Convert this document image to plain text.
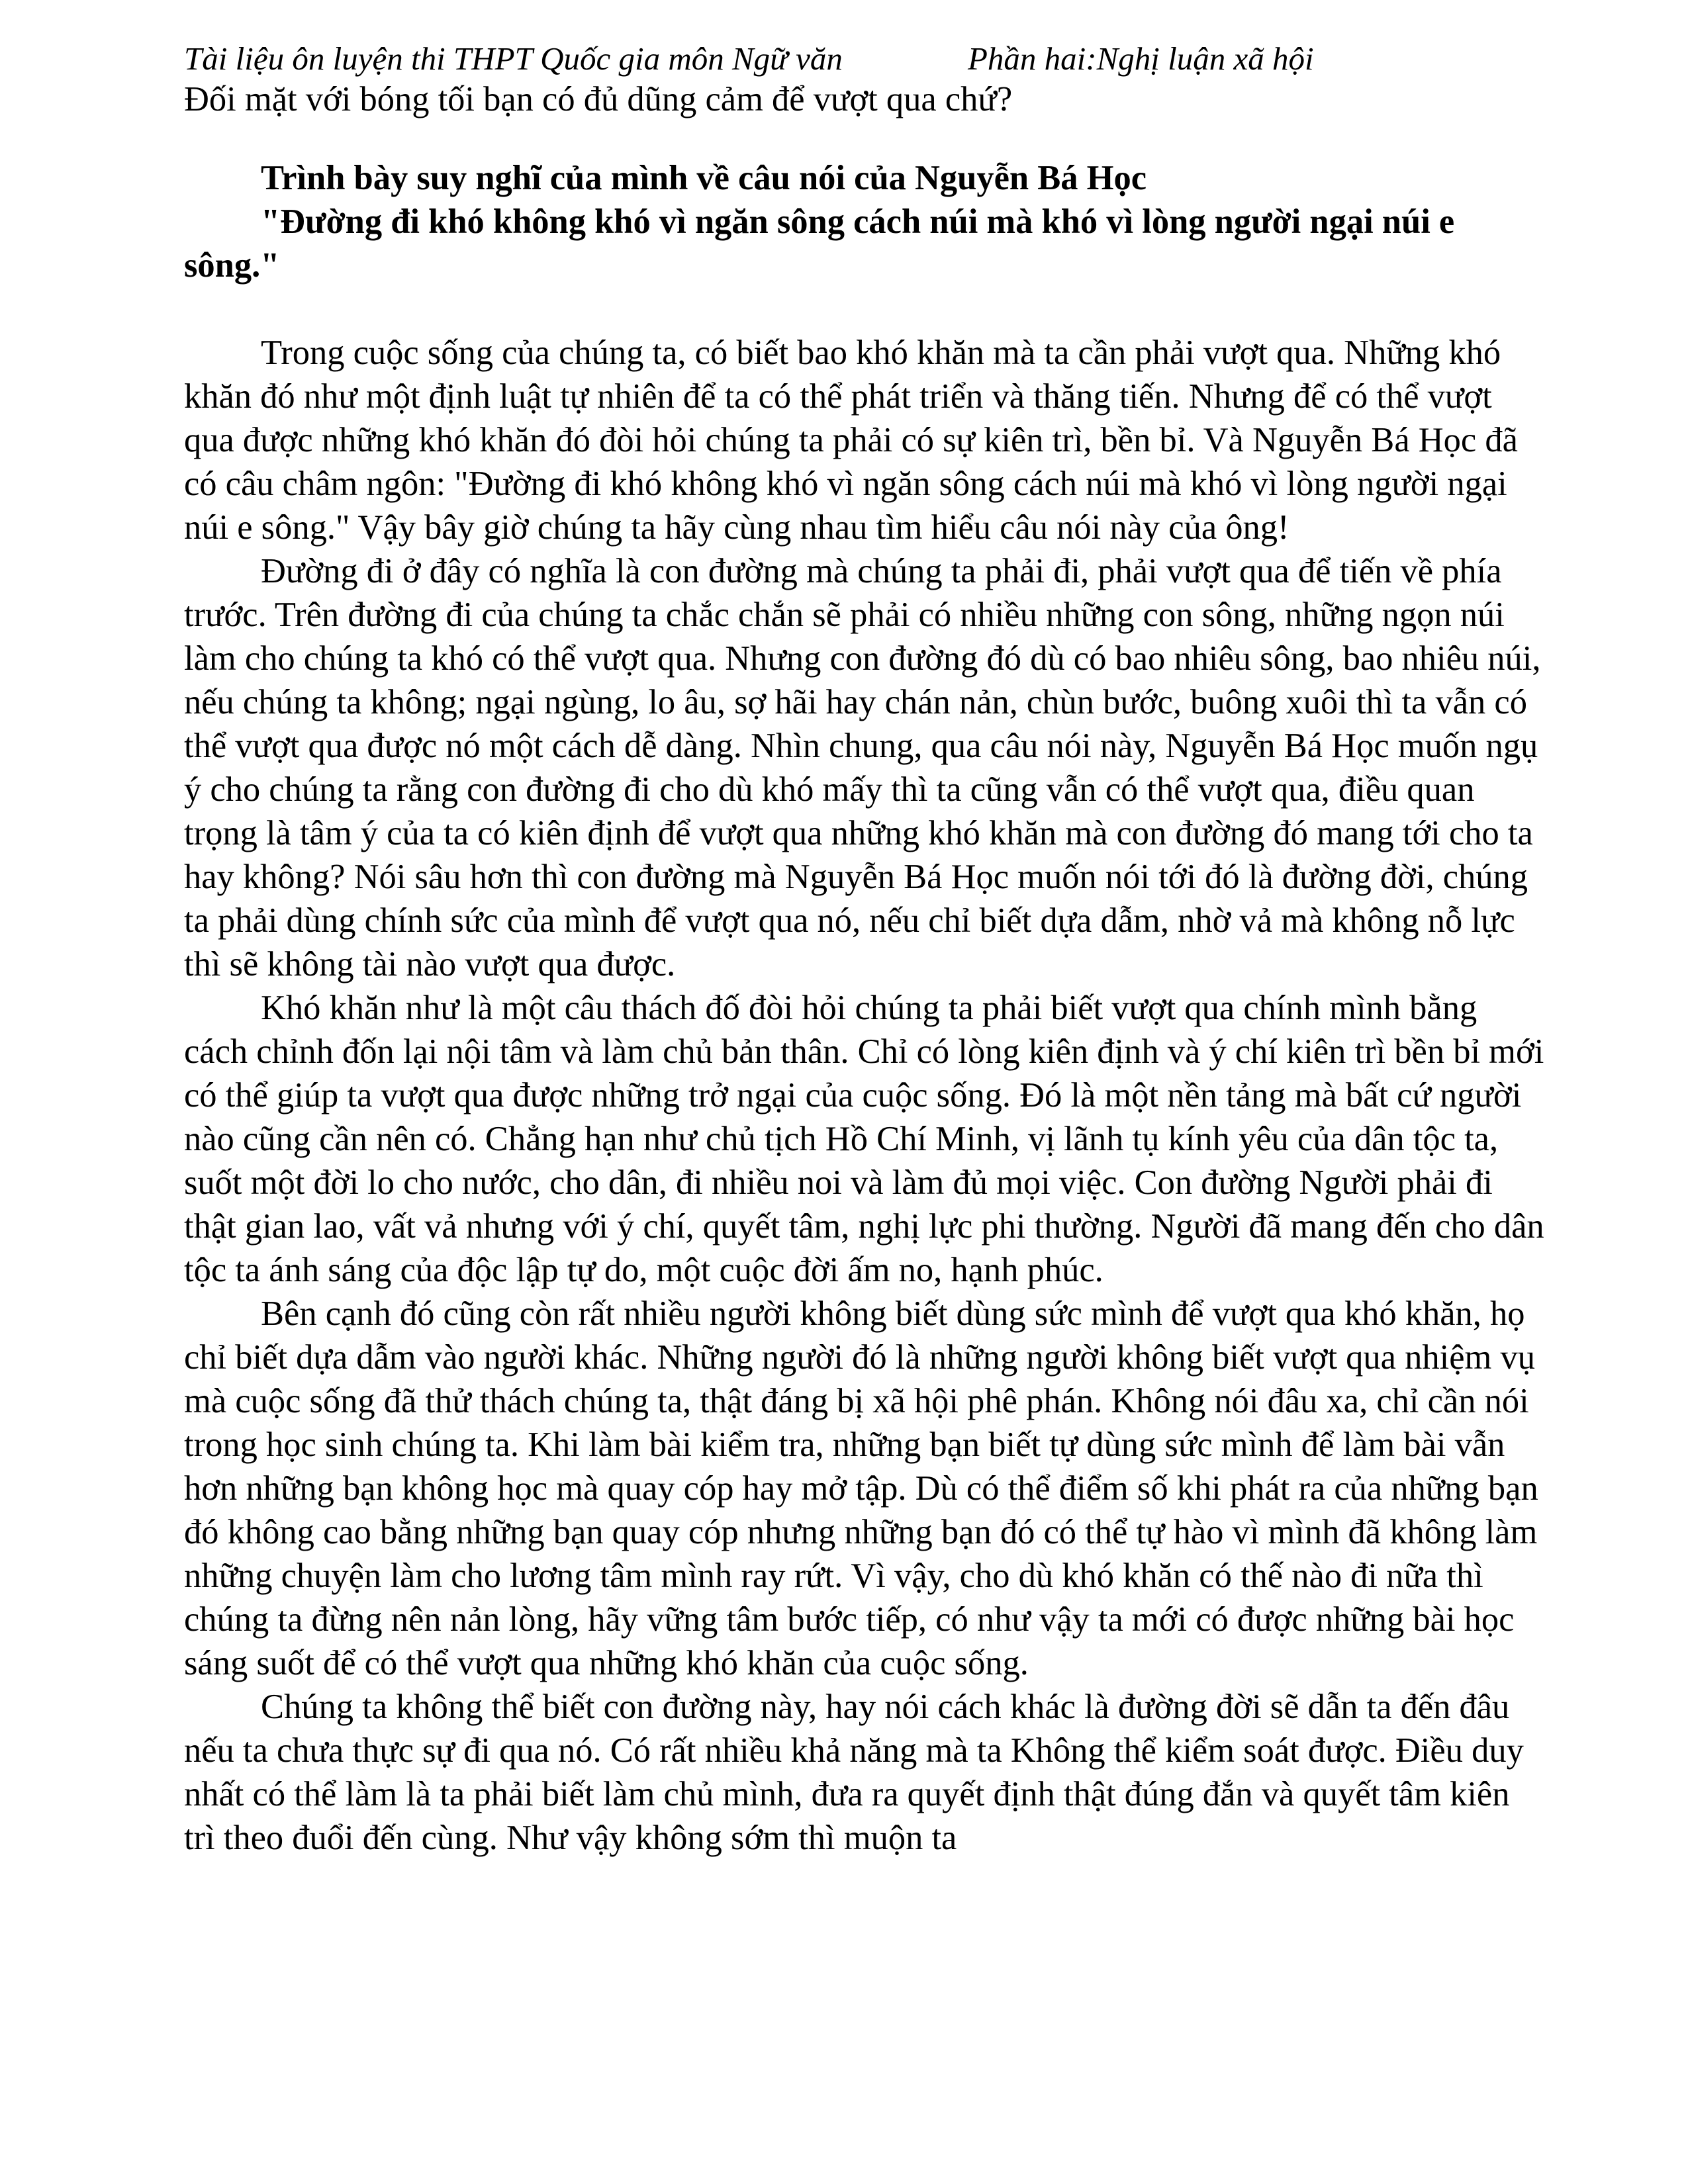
Tài liệu ôn luyện thi THPT Quốc gia môn Ngữ văn	Phần hai:Nghị luận xã hội

Đối mặt với bóng tối bạn có đủ dũng cảm để vượt qua chứ?

Trình bày suy nghĩ của mình về câu nói của Nguyễn Bá Học
"Đường đi khó không khó vì ngăn sông cách núi mà khó vì lòng người ngại núi e sông."

Trong cuộc sống của chúng ta, có biết bao khó khăn mà ta cần phải vượt qua. Những khó khăn đó như một định luật tự nhiên để ta có thể phát triển và thăng tiến. Nhưng để có thể vượt qua được những khó khăn đó đòi hỏi chúng ta phải có sự kiên trì, bền bỉ. Và Nguyễn Bá Học đã có câu châm ngôn: "Đường đi khó không khó vì ngăn sông cách núi mà khó vì lòng người ngại núi e sông." Vậy bây giờ chúng ta hãy cùng nhau tìm hiểu câu nói này của ông!

Đường đi ở đây có nghĩa là con đường mà chúng ta phải đi, phải vượt qua để tiến về phía trước. Trên đường đi của chúng ta chắc chắn sẽ phải có nhiều những con sông, những ngọn núi làm cho chúng ta khó có thể vượt qua. Nhưng con đường đó dù có bao nhiêu sông, bao nhiêu núi, nếu chúng ta không; ngại ngùng, lo âu, sợ hãi hay chán nản, chùn bước, buông xuôi thì ta vẫn có thể vượt qua được nó một cách dễ dàng. Nhìn chung, qua câu nói này, Nguyễn Bá Học muốn ngụ ý cho chúng ta rằng con đường đi cho dù khó mấy thì ta cũng vẫn có thể vượt qua, điều quan trọng là tâm ý của ta có kiên định để vượt qua những khó khăn mà con đường đó mang tới cho ta hay không? Nói sâu hơn thì con đường mà Nguyễn Bá Học muốn nói tới đó là đường đời, chúng ta phải dùng chính sức của mình để vượt qua nó, nếu chỉ biết dựa dẫm, nhờ vả mà không nỗ lực thì sẽ không tài nào vượt qua được.

Khó khăn như là một câu thách đố đòi hỏi chúng ta phải biết vượt qua chính mình bằng cách chỉnh đốn lại nội tâm và làm chủ bản thân. Chỉ có lòng kiên định và ý chí kiên trì bền bỉ mới có thể giúp ta vượt qua được những trở ngại của cuộc sống. Đó là một nền tảng mà bất cứ người nào cũng cần nên có. Chẳng hạn như chủ tịch Hồ Chí Minh, vị lãnh tụ kính yêu của dân tộc ta, suốt một đời lo cho nước, cho dân, đi nhiều noi và làm đủ mọi việc. Con đường Người phải đi thật gian lao, vất vả nhưng với ý chí, quyết tâm, nghị lực phi thường. Người đã mang đến cho dân tộc ta ánh sáng của độc lập tự do, một cuộc đời ấm no, hạnh phúc.

Bên cạnh đó cũng còn rất nhiều người không biết dùng sức mình để vượt qua khó khăn, họ chỉ biết dựa dẫm vào người khác. Những người đó là những người không biết vượt qua nhiệm vụ mà cuộc sống đã thử thách chúng ta, thật đáng bị xã hội phê phán. Không nói đâu xa, chỉ cần nói trong học sinh chúng ta. Khi làm bài kiểm tra, những bạn biết tự dùng sức mình để làm bài vẫn hơn những bạn không học mà quay cóp hay mở tập. Dù có thể điểm số khi phát ra của những bạn đó không cao bằng những bạn quay cóp nhưng những bạn đó có thể tự hào vì mình đã không làm những chuyện làm cho lương tâm mình ray rứt. Vì vậy, cho dù khó khăn có thế nào đi nữa thì chúng ta đừng nên nản lòng, hãy vững tâm bước tiếp, có như vậy ta mới có được những bài học sáng suốt để có thể vượt qua những khó khăn của cuộc sống.

Chúng ta không thể biết con đường này, hay nói cách khác là đường đời sẽ dẫn ta đến đâu nếu ta chưa thực sự đi qua nó. Có rất nhiều khả năng mà ta Không thể kiểm soát được. Điều duy nhất có thể làm là ta phải biết làm chủ mình, đưa ra quyết định thật đúng đắn và quyết tâm kiên trì theo đuổi đến cùng. Như vậy không sớm thì muộn ta
